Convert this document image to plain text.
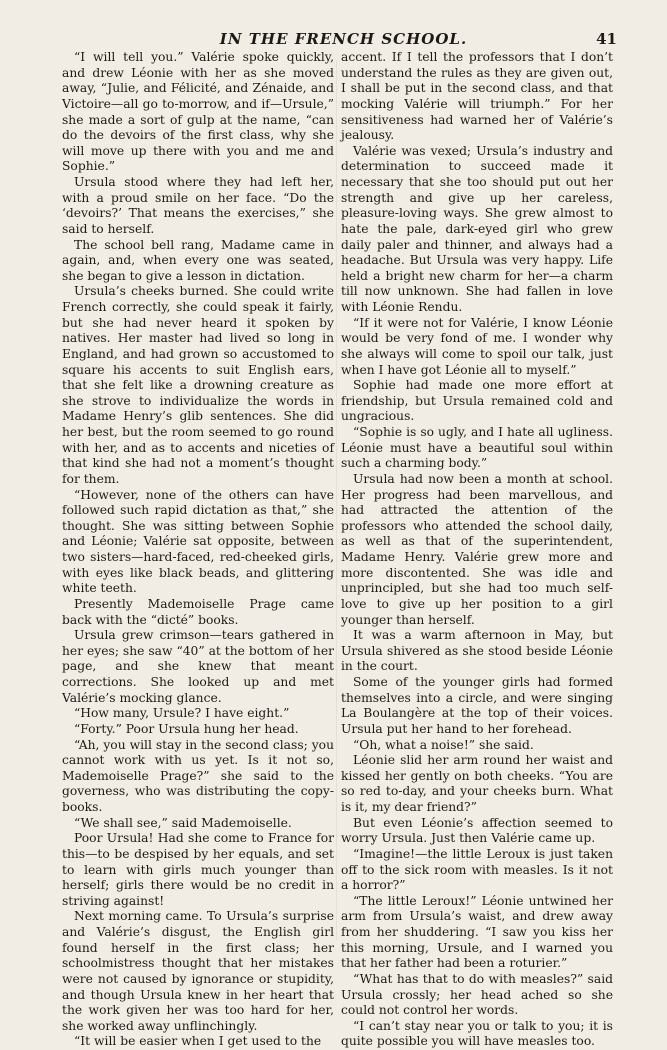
IN THE FRENCH SCHOOL.	41

“I will tell you.” Valérie spoke quickly, and drew Léonie with her as she moved away, “Julie, and Félicité, and Zénaide, and Victoire—all go to-morrow, and if—Ursule,” she made a sort of gulp at the name, “can do the devoirs of the first class, why she will move up there with you and me and Sophie.”

Ursula stood where they had left her, with a proud smile on her face. “Do the ‘devoirs?’ That means the exercises,” she said to herself.

The school bell rang, Madame came in again, and, when every one was seated, she began to give a lesson in dictation.

Ursula’s cheeks burned. She could write French correctly, she could speak it fairly, but she had never heard it spoken by natives. Her master had lived so long in England, and had grown so accustomed to square his accents to suit English ears, that she felt like a drowning creature as she strove to individualize the words in Madame Henry’s glib sentences. She did her best, but the room seemed to go round with her, and as to accents and niceties of that kind she had not a moment’s thought for them.

“However, none of the others can have followed such rapid dictation as that,” she thought. She was sitting between Sophie and Léonie; Valérie sat opposite, between two sisters—hard-faced, red-cheeked girls, with eyes like black beads, and glittering white teeth.

Presently Mademoiselle Prage came back with the “dicté” books.

Ursula grew crimson—tears gathered in her eyes; she saw “40” at the bottom of her page, and she knew that meant corrections. She looked up and met Valérie’s mocking glance.

“How many, Ursule? I have eight.”

“Forty.” Poor Ursula hung her head.

“Ah, you will stay in the second class; you cannot work with us yet. Is it not so, Mademoiselle Prage?” she said to the governess, who was distributing the copy-books.

“We shall see,” said Mademoiselle.

Poor Ursula! Had she come to France for this—to be despised by her equals, and set to learn with girls much younger than herself; girls there would be no credit in striving against!

Next morning came. To Ursula’s surprise and Valérie’s disgust, the English girl found herself in the first class; her schoolmistress thought that her mistakes were not caused by ignorance or stupidity, and though Ursula knew in her heart that the work given her was too hard for her, she worked away unflinchingly.

“It will be easier when I get used to the

accent. If I tell the professors that I don’t understand the rules as they are given out, I shall be put in the second class, and that mocking Valérie will triumph.” For her sensitiveness had warned her of Valérie’s jealousy.

Valérie was vexed; Ursula’s industry and determination to succeed made it necessary that she too should put out her strength and give up her careless, pleasure-loving ways. She grew almost to hate the pale, dark-eyed girl who grew daily paler and thinner, and always had a headache. But Ursula was very happy. Life held a bright new charm for her—a charm till now unknown. She had fallen in love with Léonie Rendu.

“If it were not for Valérie, I know Léonie would be very fond of me. I wonder why she always will come to spoil our talk, just when I have got Léonie all to myself.”

Sophie had made one more effort at friendship, but Ursula remained cold and ungracious.

“Sophie is so ugly, and I hate all ugliness. Léonie must have a beautiful soul within such a charming body.”

Ursula had now been a month at school. Her progress had been marvellous, and had attracted the attention of the professors who attended the school daily, as well as that of the superintendent, Madame Henry. Valérie grew more and more discontented. She was idle and unprincipled, but she had too much self-love to give up her position to a girl younger than herself.

It was a warm afternoon in May, but Ursula shivered as she stood beside Léonie in the court.

Some of the younger girls had formed themselves into a circle, and were singing La Boulangère at the top of their voices. Ursula put her hand to her forehead.

“Oh, what a noise!” she said.

Léonie slid her arm round her waist and kissed her gently on both cheeks. “You are so red to-day, and your cheeks burn. What is it, my dear friend?”

But even Léonie’s affection seemed to worry Ursula. Just then Valérie came up.

“Imagine!—the little Leroux is just taken off to the sick room with measles. Is it not a horror?”

“The little Leroux!” Léonie untwined her arm from Ursula’s waist, and drew away from her shuddering. “I saw you kiss her this morning, Ursule, and I warned you that her father had been a roturier.”

“What has that to do with measles?” said Ursula crossly; her head ached so she could not control her words.

“I can’t stay near you or talk to you; it is quite possible you will have measles too.
